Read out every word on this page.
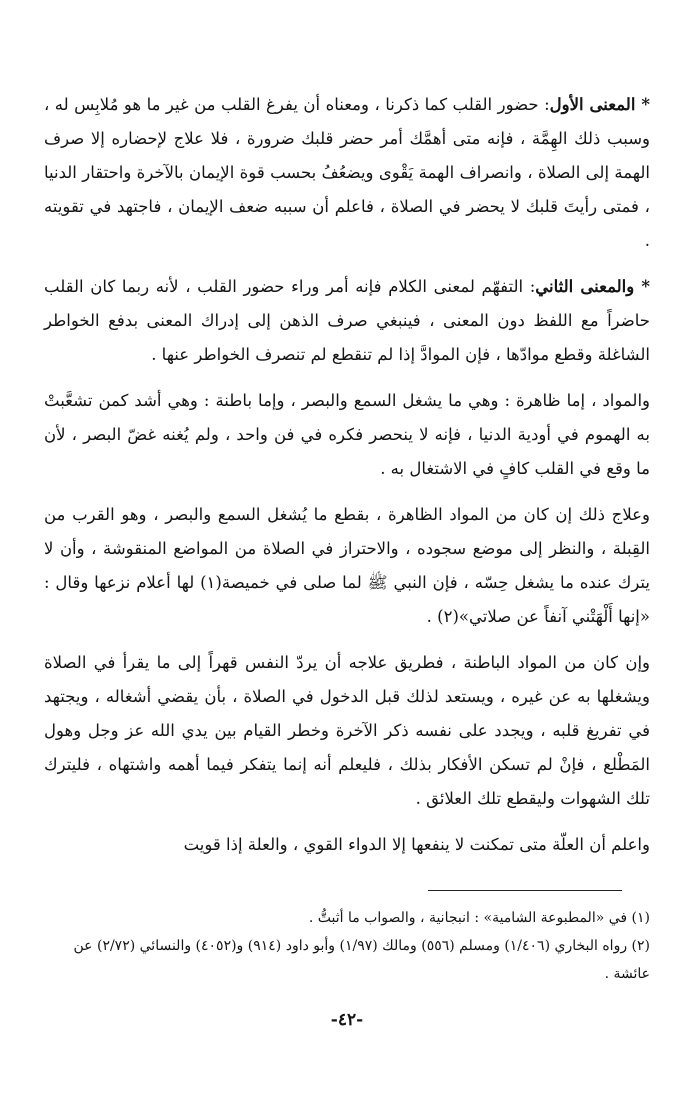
* المعنى الأول: حضور القلب كما ذكرنا ، ومعناه أن يفرغ القلب من غير ما هو مُلابِس له ، وسبب ذلك الهِمَّة ، فإنه متى أهمَّك أمر حضر قلبك ضرورة ، فلا علاج لإحضاره إلا صرف الهمة إلى الصلاة ، وانصراف الهمة يَقْوى ويضعُفُ بحسب قوة الإيمان بالآخرة واحتقار الدنيا ، فمتى رأيتَ قلبك لا يحضر في الصلاة ، فاعلم أن سببه ضعف الإيمان ، فاجتهد في تقويته .

* والمعنى الثاني: التفهّم لمعنى الكلام فإنه أمر وراء حضور القلب ، لأنه ربما كان القلب حاضراً مع اللفظ دون المعنى ، فينبغي صرف الذهن إلى إدراك المعنى بدفع الخواطر الشاغلة وقطع موادّها ، فإن الموادَّ إذا لم تنقطع لم تنصرف الخواطر عنها .

والمواد ، إما ظاهرة : وهي ما يشغل السمع والبصر ، وإما باطنة : وهي أشد كمن تشعَّبتْ به الهموم في أودية الدنيا ، فإنه لا ينحصر فكره في فن واحد ، ولم يُغنه غضّ البصر ، لأن ما وقع في القلب كافٍ في الاشتغال به .

وعلاج ذلك إن كان من المواد الظاهرة ، بقطع ما يُشغل السمع والبصر ، وهو القرب من القِبلة ، والنظر إلى موضع سجوده ، والاحتراز في الصلاة من المواضع المنقوشة ، وأن لا يترك عنده ما يشغل حِسّه ، فإن النبي ﷺ لما صلى في خميصة(١) لها أعلام نزعها وقال : «إنها أَلْهَتْني آنفاً عن صلاتي»(٢) .

وإن كان من المواد الباطنة ، فطريق علاجه أن يردّ النفس قهراً إلى ما يقرأ في الصلاة ويشغلها به عن غيره ، ويستعد لذلك قبل الدخول في الصلاة ، بأن يقضي أشغاله ، ويجتهد في تفريغ قلبه ، ويجدد على نفسه ذكر الآخرة وخطر القيام بين يدي الله عز وجل وهول المَطْلع ، فإنْ لم تسكن الأفكار بذلك ، فليعلم أنه إنما يتفكر فيما أهمه واشتهاه ، فليترك تلك الشهوات وليقطع تلك العلائق .

واعلم أن العلّة متى تمكنت لا ينفعها إلا الدواء القوي ، والعلة إذا قويت

(١) في «المطبوعة الشامية» : انبجانية ، والصواب ما أثبتُّ .

(٢) رواه البخاري (١/٤٠٦) ومسلم (٥٥٦) ومالك (١/٩٧) وأبو داود (٩١٤) و(٤٠٥٢) والنسائي (٢/٧٢) عن عائشة .

-٤٢-
